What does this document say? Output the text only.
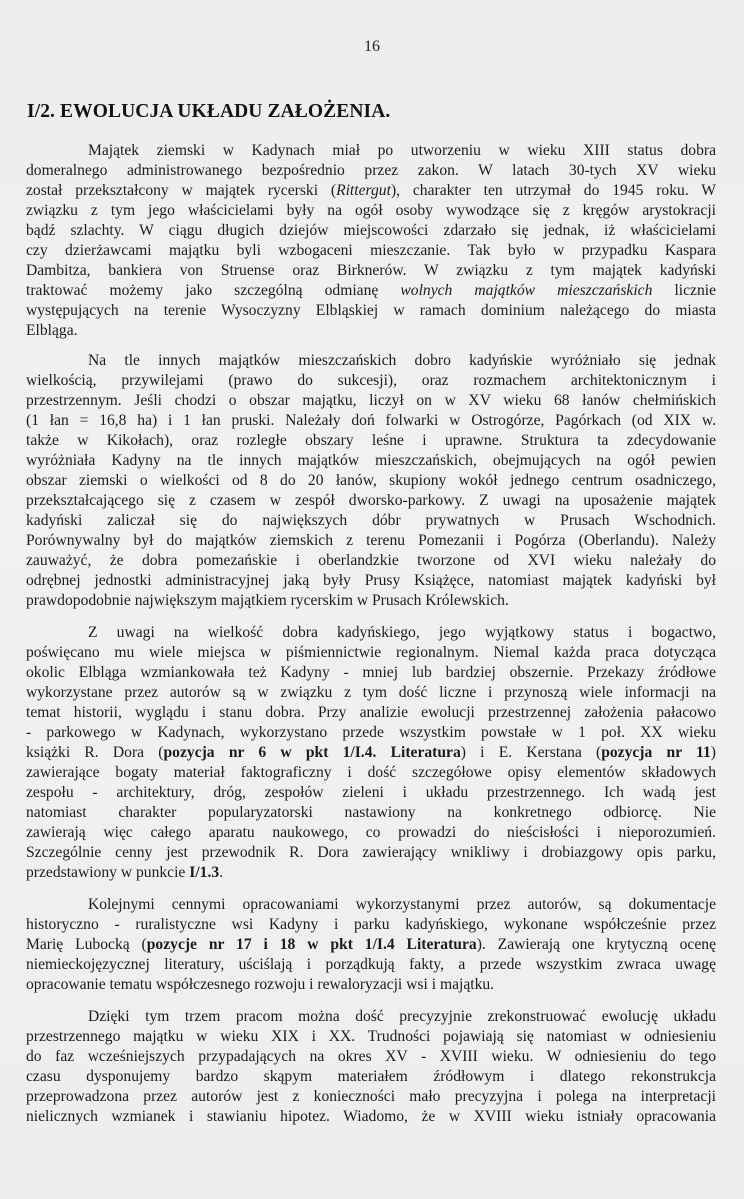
16
I/2. EWOLUCJA UKŁADU ZAŁOŻENIA.
Majątek ziemski w Kadynach miał po utworzeniu w wieku XIII status dobra
domeralnego administrowanego bezpośrednio przez zakon. W latach 30-tych XV wieku
został przekształcony w majątek rycerski (Rittergut), charakter ten utrzymał do 1945 roku. W
związku z tym jego właścicielami były na ogół osoby wywodzące się z kręgów arystokracji
bądź szlachty. W ciągu długich dziejów miejscowości zdarzało się jednak, iż właścicielami
czy dzierżawcami majątku byli wzbogaceni mieszczanie. Tak było w przypadku Kaspara
Dambitza, bankiera von Struense oraz Birknerów. W związku z tym majątek kadyński
traktować możemy jako szczególną odmianę wolnych majątków mieszczańskich licznie
występujących na terenie Wysoczyzny Elbląskiej w ramach dominium należącego do miasta
Elbląga.
Na tle innych majątków mieszczańskich dobro kadyńskie wyróżniało się jednak
wielkością, przywilejami (prawo do sukcesji), oraz rozmachem architektonicznym i
przestrzennym. Jeśli chodzi o obszar majątku, liczył on w XV wieku 68 łanów chełmińskich
(1 łan = 16,8 ha) i 1 łan pruski. Należały doń folwarki w Ostrogórze, Pagórkach (od XIX w.
także w Kikołach), oraz rozległe obszary leśne i uprawne. Struktura ta zdecydowanie
wyróżniała Kadyny na tle innych majątków mieszczańskich, obejmujących na ogół pewien
obszar ziemski o wielkości od 8 do 20 łanów, skupiony wokół jednego centrum osadniczego,
przekształcającego się z czasem w zespół dworsko-parkowy. Z uwagi na uposażenie majątek
kadyński zaliczał się do największych dóbr prywatnych w Prusach Wschodnich.
Porównywalny był do majątków ziemskich z terenu Pomezanii i Pogórza (Oberlandu). Należy
zauważyć, że dobra pomezańskie i oberlandzkie tworzone od XVI wieku należały do
odrębnej jednostki administracyjnej jaką były Prusy Książęce, natomiast majątek kadyński był
prawdopodobnie największym majątkiem rycerskim w Prusach Królewskich.
Z uwagi na wielkość dobra kadyńskiego, jego wyjątkowy status i bogactwo,
poświęcano mu wiele miejsca w piśmiennictwie regionalnym. Niemal każda praca dotycząca
okolic Elbląga wzmiankowała też Kadyny - mniej lub bardziej obszernie. Przekazy źródłowe
wykorzystane przez autorów są w związku z tym dość liczne i przynoszą wiele informacji na
temat historii, wyglądu i stanu dobra. Przy analizie ewolucji przestrzennej założenia pałacowo
- parkowego w Kadynach, wykorzystano przede wszystkim powstałe w 1 poł. XX wieku
książki R. Dora (pozycja nr 6 w pkt 1/I.4. Literatura) i E. Kerstana (pozycja nr 11)
zawierające bogaty materiał faktograficzny i dość szczegółowe opisy elementów składowych
zespołu - architektury, dróg, zespołów zieleni i układu przestrzennego. Ich wadą jest
natomiast charakter popularyzatorski nastawiony na konkretnego odbiorcę. Nie
zawierają więc całego aparatu naukowego, co prowadzi do nieścisłości i nieporozumień.
Szczególnie cenny jest przewodnik R. Dora zawierający wnikliwy i drobiazgowy opis parku,
przedstawiony w punkcie I/1.3.
Kolejnymi cennymi opracowaniami wykorzystanymi przez autorów, są dokumentacje
historyczno - ruralistyczne wsi Kadyny i parku kadyńskiego, wykonane współcześnie przez
Marię Lubocką (pozycje nr 17 i 18 w pkt 1/I.4 Literatura). Zawierają one krytyczną ocenę
niemieckojęzycznej literatury, uściślają i porządkują fakty, a przede wszystkim zwraca uwagę
opracowanie tematu współczesnego rozwoju i rewaloryzacji wsi i majątku.
Dzięki tym trzem pracom można dość precyzyjnie zrekonstruować ewolucję układu
przestrzennego majątku w wieku XIX i XX. Trudności pojawiają się natomiast w odniesieniu
do faz wcześniejszych przypadających na okres XV - XVIII wieku. W odniesieniu do tego
czasu dysponujemy bardzo skąpym materiałem źródłowym i dlatego rekonstrukcja
przeprowadzona przez autorów jest z konieczności mało precyzyjna i polega na interpretacji
nielicznych wzmianek i stawianiu hipotez. Wiadomo, że w XVIII wieku istniały opracowania
